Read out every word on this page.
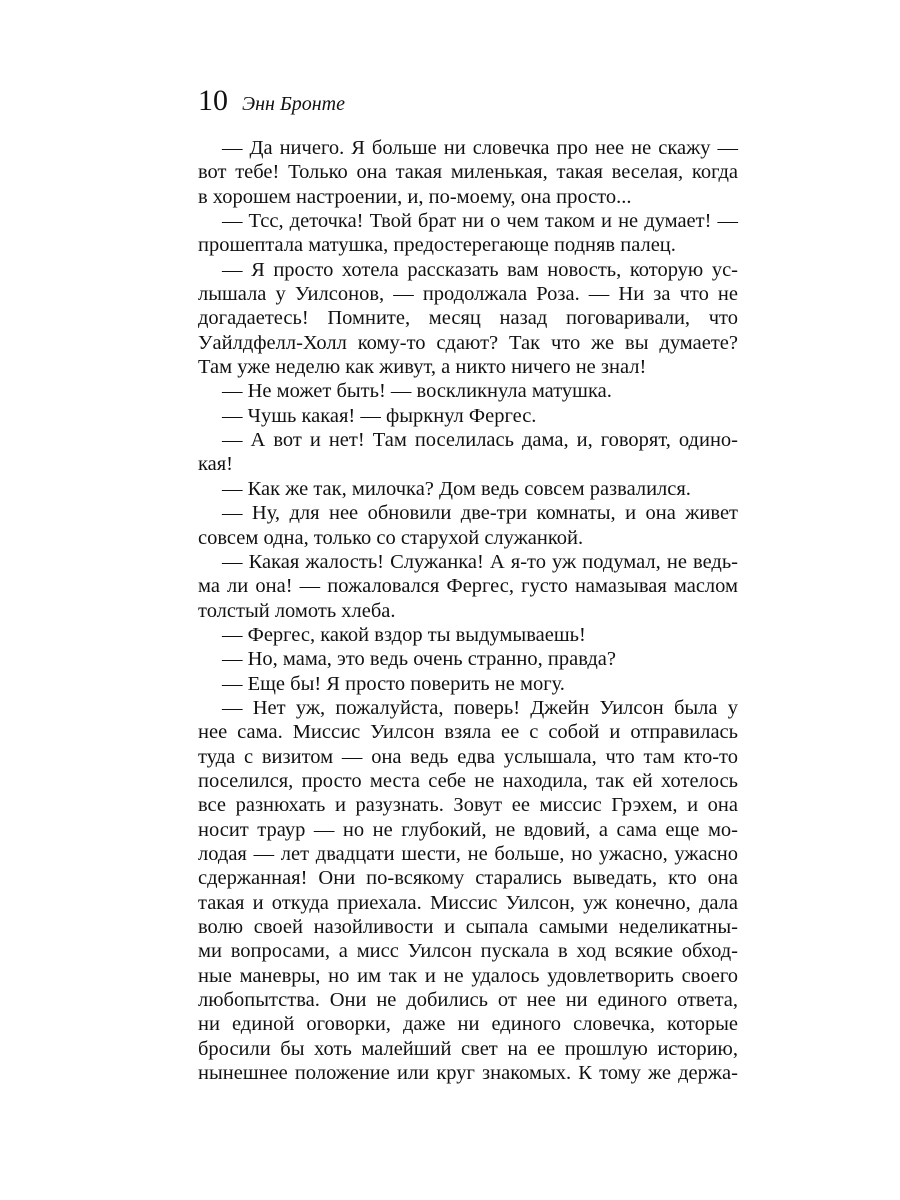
10 Энн Бронте
— Да ничего. Я больше ни словечка про нее не скажу —
вот тебе! Только она такая миленькая, такая веселая, когда
в хорошем настроении, и, по-моему, она просто...
— Тсс, деточка! Твой брат ни о чем таком и не думает! —
прошептала матушка, предостерегающе подняв палец.
— Я просто хотела рассказать вам новость, которую ус-
лышала у Уилсонов, — продолжала Роза. — Ни за что не
догадаетесь! Помните, месяц назад поговаривали, что
Уайлдфелл-Холл кому-то сдают? Так что же вы думаете?
Там уже неделю как живут, а никто ничего не знал!
— Не может быть! — воскликнула матушка.
— Чушь какая! — фыркнул Фергес.
— А вот и нет! Там поселилась дама, и, говорят, одино-
кая!
— Как же так, милочка? Дом ведь совсем развалился.
— Ну, для нее обновили две-три комнаты, и она живет
совсем одна, только со старухой служанкой.
— Какая жалость! Служанка! А я-то уж подумал, не ведь-
ма ли она! — пожаловался Фергес, густо намазывая маслом
толстый ломоть хлеба.
— Фергес, какой вздор ты выдумываешь!
— Но, мама, это ведь очень странно, правда?
— Еще бы! Я просто поверить не могу.
— Нет уж, пожалуйста, поверь! Джейн Уилсон была у
нее сама. Миссис Уилсон взяла ее с собой и отправилась
туда с визитом — она ведь едва услышала, что там кто-то
поселился, просто места себе не находила, так ей хотелось
все разнюхать и разузнать. Зовут ее миссис Грэхем, и она
носит траур — но не глубокий, не вдовий, а сама еще мо-
лодая — лет двадцати шести, не больше, но ужасно, ужасно
сдержанная! Они по-всякому старались выведать, кто она
такая и откуда приехала. Миссис Уилсон, уж конечно, дала
волю своей назойливости и сыпала самыми неделикатны-
ми вопросами, а мисс Уилсон пускала в ход всякие обход-
ные маневры, но им так и не удалось удовлетворить своего
любопытства. Они не добились от нее ни единого ответа,
ни единой оговорки, даже ни единого словечка, которые
бросили бы хоть малейший свет на ее прошлую историю,
нынешнее положение или круг знакомых. К тому же держа-
